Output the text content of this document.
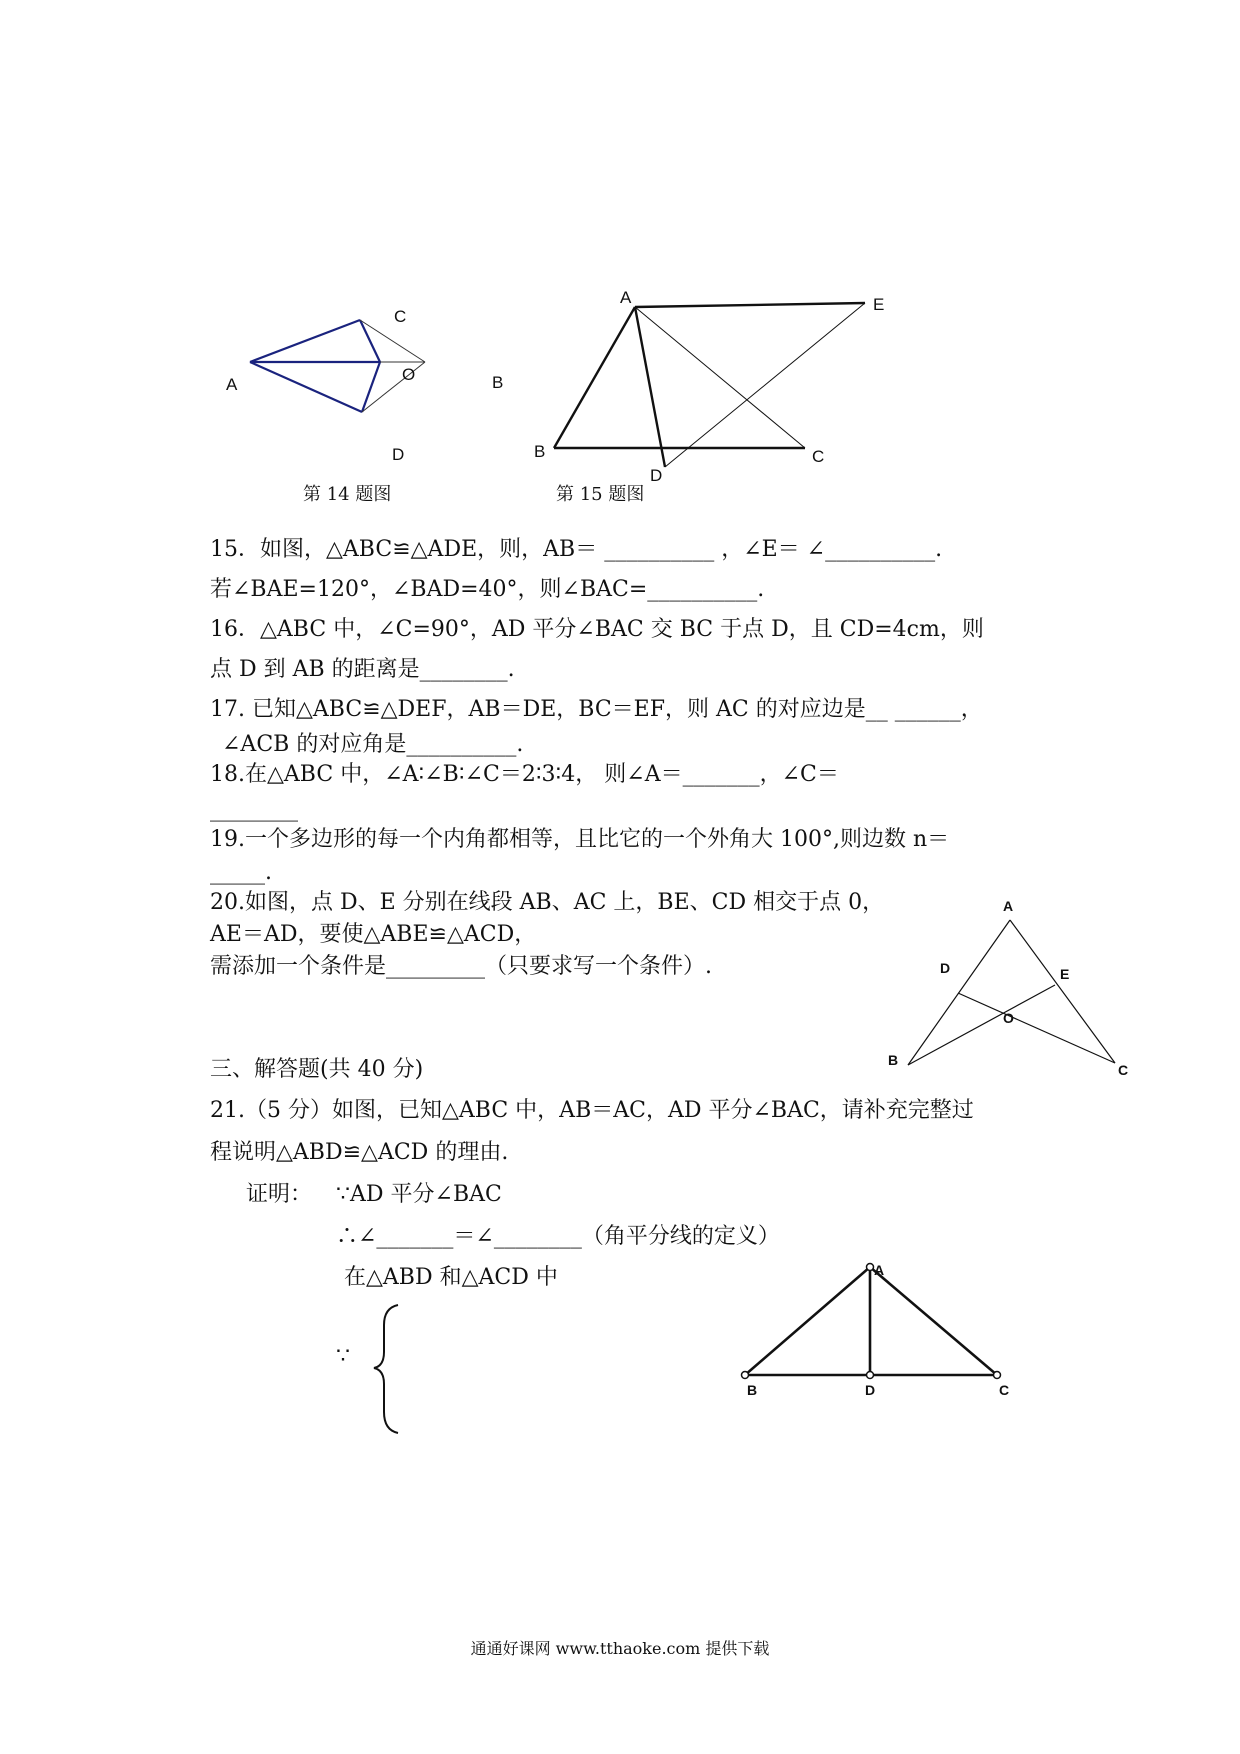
A	B
C
D
O
第 14 题图
A	E
B	C
D
第 15 题图
15．如图，△ABC≌△ADE，则，AB＝ __________ ，∠E＝ ∠__________.
若∠BAE=120°，∠BAD=40°，则∠BAC=__________.
16．△ABC 中，∠C=90°，AD 平分∠BAC 交 BC 于点 D，且 CD=4cm，则
点 D 到 AB 的距离是________.
17. 已知△ABC≌△DEF，AB＝DE，BC＝EF，则 AC 的对应边是__ ______，
∠ACB 的对应角是__________.
18.在△ABC 中，∠A∶∠B∶∠C＝2∶3∶4， 则∠A＝_______，∠C＝
________
19.一个多边形的每一个内角都相等，且比它的一个外角大 100°,则边数 n＝
_____.
20.如图，点 D、E 分别在线段 AB、AC 上，BE、CD 相交于点 0，
AE＝AD，要使△ABE≌△ACD，
需添加一个条件是_________（只要求写一个条件）.
A
B
C
D	E
O
三、解答题(共 40 分)
21.（5 分）如图，已知△ABC 中，AB＝AC，AD 平分∠BAC，请补充完整过
程说明△ABD≌△ACD 的理由.
证明： ∵AD 平分∠BAC
∴∠_______＝∠________（角平分线的定义）
在△ABD 和△ACD 中
∵
A
B	D	C
通通好课网 www.tthaoke.com 提供下载
